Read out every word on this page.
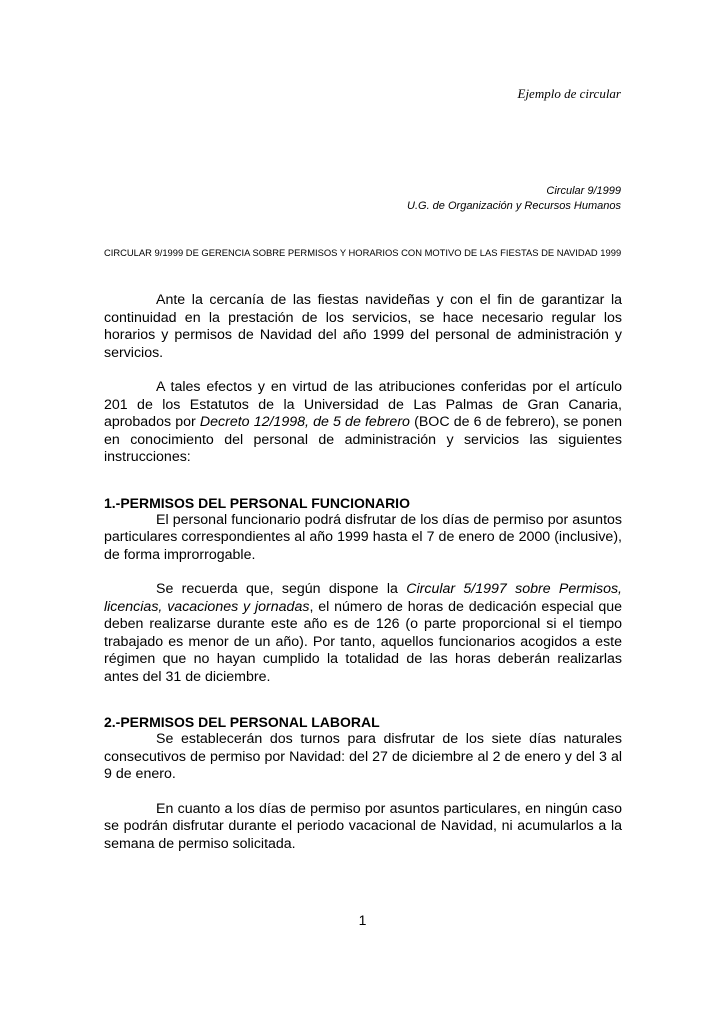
Ejemplo de circular
Circular 9/1999
U.G. de Organización y Recursos Humanos
CIRCULAR 9/1999 DE GERENCIA SOBRE PERMISOS Y HORARIOS CON MOTIVO DE LAS FIESTAS DE NAVIDAD 1999

Ante la cercanía de las fiestas navideñas y con el fin de garantizar la continuidad en la prestación de los servicios, se hace necesario regular los horarios y permisos de Navidad del año 1999 del personal de administración y servicios.

A tales efectos y en virtud de las atribuciones conferidas por el artículo 201 de los Estatutos de la Universidad de Las Palmas de Gran Canaria, aprobados por Decreto 12/1998, de 5 de febrero (BOC de 6 de febrero), se ponen en conocimiento del personal de administración y servicios las siguientes instrucciones:

1.-PERMISOS DEL PERSONAL FUNCIONARIO

El personal funcionario podrá disfrutar de los días de permiso por asuntos particulares correspondientes al año 1999 hasta el 7 de enero de 2000 (inclusive), de forma improrrogable.

Se recuerda que, según dispone la Circular 5/1997 sobre Permisos, licencias, vacaciones y jornadas, el número de horas de dedicación especial que deben realizarse durante este año es de 126 (o parte proporcional si el tiempo trabajado es menor de un año). Por tanto, aquellos funcionarios acogidos a este régimen que no hayan cumplido la totalidad de las horas deberán realizarlas antes del 31 de diciembre.

2.-PERMISOS DEL PERSONAL LABORAL

Se establecerán dos turnos para disfrutar de los siete días naturales consecutivos de permiso por Navidad: del 27 de diciembre al 2 de enero y del 3 al 9 de enero.

En cuanto a los días de permiso por asuntos particulares, en ningún caso se podrán disfrutar durante el periodo vacacional de Navidad, ni acumularlos a la semana de permiso solicitada.

1
